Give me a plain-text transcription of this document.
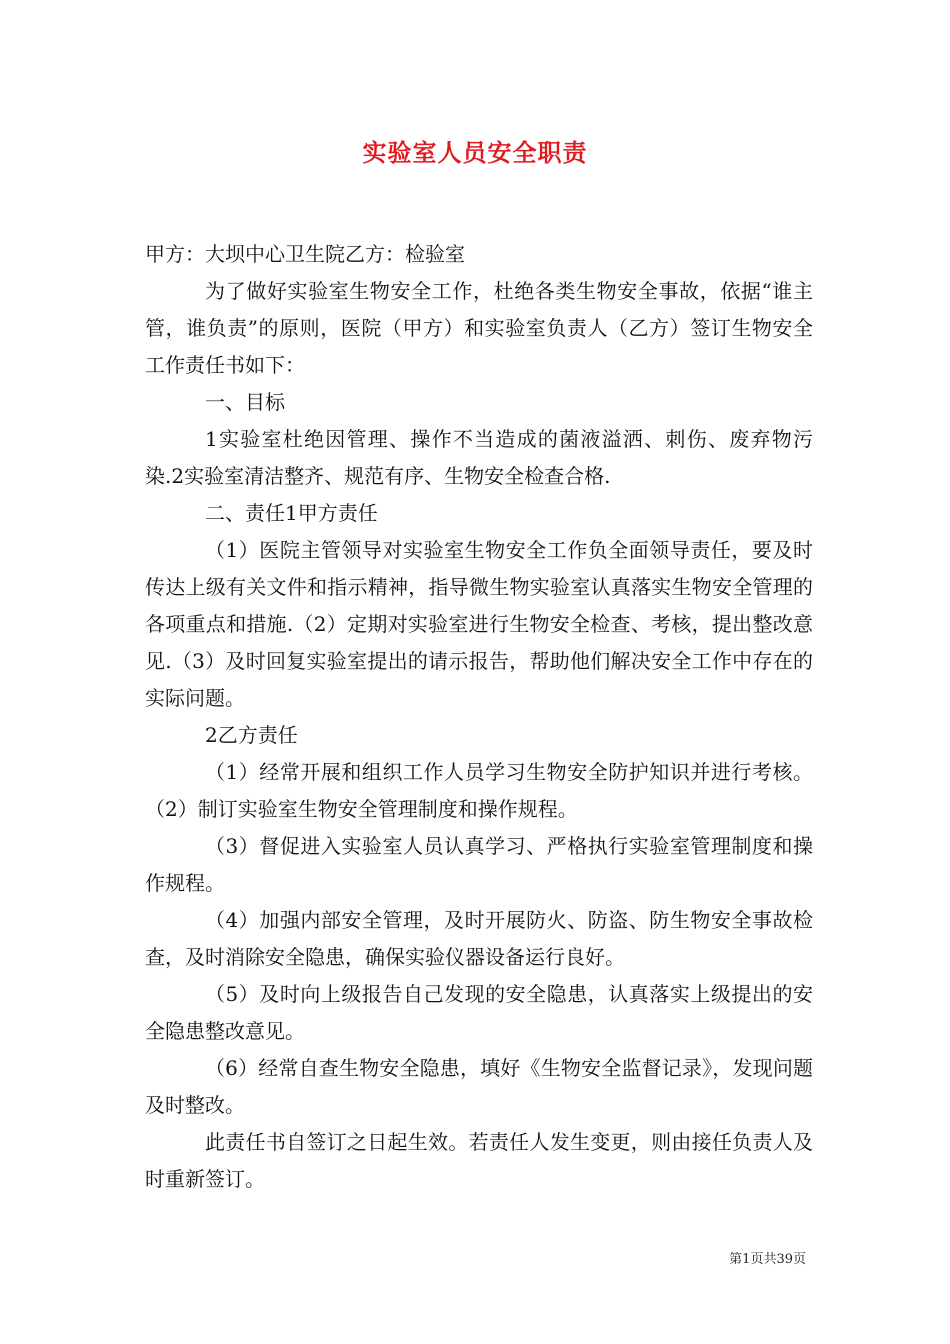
实验室人员安全职责

甲方：大坝中心卫生院乙方：检验室

为了做好实验室生物安全工作，杜绝各类生物安全事故，依据“谁主管，谁负责”的原则，医院（甲方）和实验室负责人（乙方）签订生物安全工作责任书如下：

一、目标

1实验室杜绝因管理、操作不当造成的菌液溢洒、刺伤、废弃物污染.2实验室清洁整齐、规范有序、生物安全检查合格.

二、责任1甲方责任

（1）医院主管领导对实验室生物安全工作负全面领导责任，要及时传达上级有关文件和指示精神，指导微生物实验室认真落实生物安全管理的各项重点和措施.（2）定期对实验室进行生物安全检查、考核，提出整改意见.（3）及时回复实验室提出的请示报告，帮助他们解决安全工作中存在的实际问题。

2乙方责任

（1）经常开展和组织工作人员学习生物安全防护知识并进行考核。（2）制订实验室生物安全管理制度和操作规程。

（3）督促进入实验室人员认真学习、严格执行实验室管理制度和操作规程。

（4）加强内部安全管理，及时开展防火、防盗、防生物安全事故检查，及时消除安全隐患，确保实验仪器设备运行良好。

（5）及时向上级报告自己发现的安全隐患，认真落实上级提出的安全隐患整改意见。

（6）经常自查生物安全隐患，填好《生物安全监督记录》，发现问题及时整改。

此责任书自签订之日起生效。若责任人发生变更，则由接任负责人及时重新签订。

第1页共39页
